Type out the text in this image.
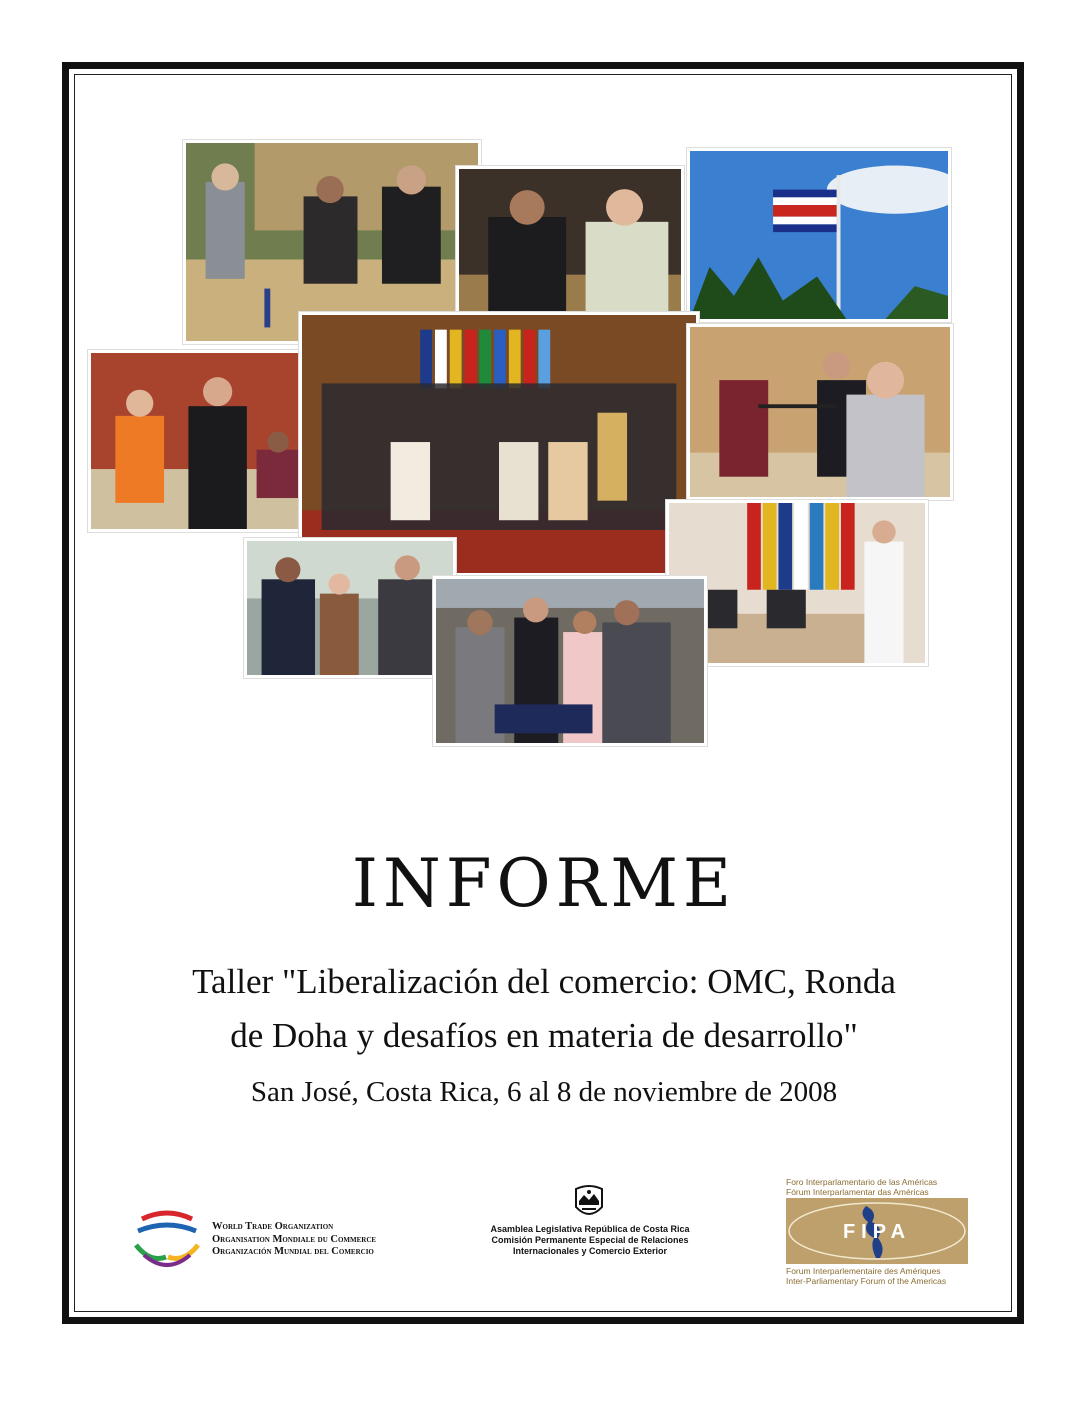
INFORME
Taller "Liberalización del comercio: OMC, Ronda
de Doha y desafíos en materia de desarrollo"
San José, Costa Rica, 6 al 8 de noviembre de 2008
World Trade Organization
Organisation Mondiale du Commerce
Organización Mundial del Comercio
Asamblea Legislativa República de Costa Rica
Comisión Permanente Especial de Relaciones
Internacionales y Comercio Exterior
Foro Interparlamentario de las Américas
Fórum Interparlamentar das Américas
FIPA
Forum Interparlementaire des Amériques
Inter-Parliamentary Forum of the Americas
